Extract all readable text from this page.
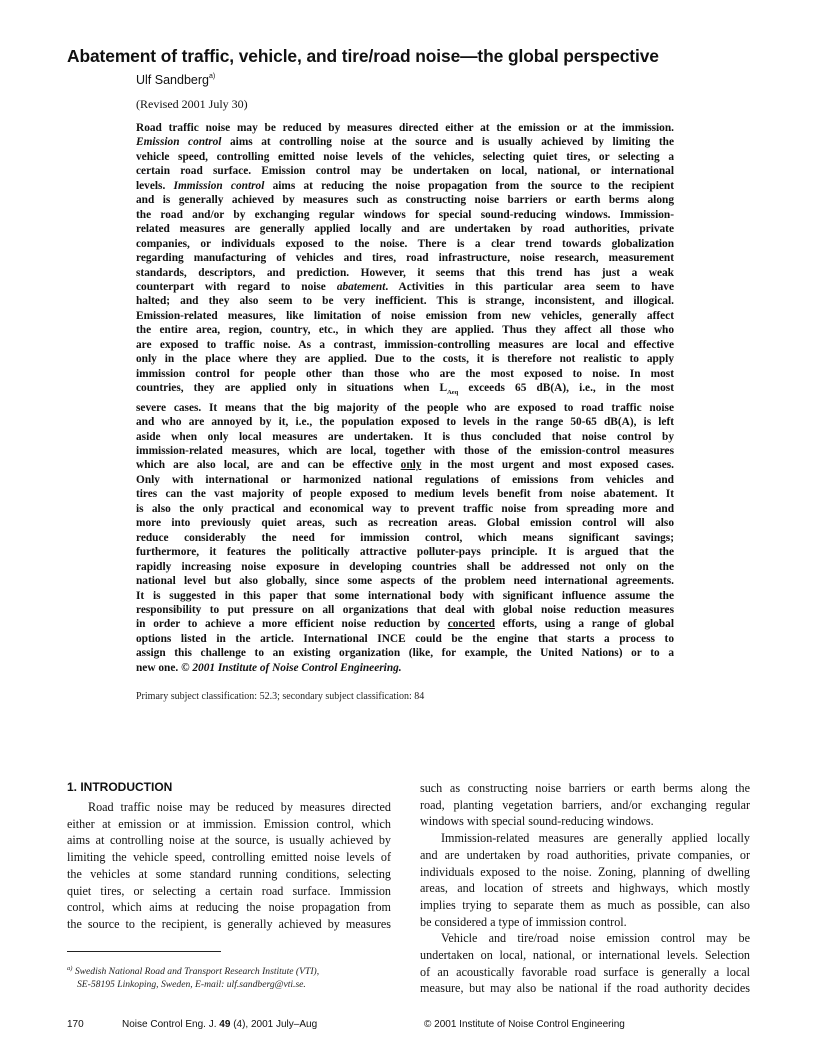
Abatement of traffic, vehicle, and tire/road noise—the global perspective
Ulf Sandberg$^{a)}$
(Revised 2001 July 30)
Road traffic noise may be reduced by measures directed either at the emission or at the immission.
Emission control aims at controlling noise at the source and is usually achieved by limiting the
vehicle speed, controlling emitted noise levels of the vehicles, selecting quiet tires, or selecting a
certain road surface. Emission control may be undertaken on local, national, or international
levels. Immission control aims at reducing the noise propagation from the source to the recipient
and is generally achieved by measures such as constructing noise barriers or earth berms along
the road and/or by exchanging regular windows for special sound-reducing windows. Immission-
related measures are generally applied locally and are undertaken by road authorities, private
companies, or individuals exposed to the noise. There is a clear trend towards globalization
regarding manufacturing of vehicles and tires, road infrastructure, noise research, measurement
standards, descriptors, and prediction. However, it seems that this trend has just a weak
counterpart with regard to noise abatement. Activities in this particular area seem to have
halted; and they also seem to be very inefficient. This is strange, inconsistent, and illogical.
Emission-related measures, like limitation of noise emission from new vehicles, generally affect
the entire area, region, country, etc., in which they are applied. Thus they affect all those who
are exposed to traffic noise. As a contrast, immission-controlling measures are local and effective
only in the place where they are applied. Due to the costs, it is therefore not realistic to apply
immission control for people other than those who are the most exposed to noise. In most
countries, they are applied only in situations when $L_{Aeq}$ exceeds 65 dB(A), i.e., in the most
severe cases. It means that the big majority of the people who are exposed to road traffic noise
and who are annoyed by it, i.e., the population exposed to levels in the range 50-65 dB(A), is left
aside when only local measures are undertaken. It is thus concluded that noise control by
immission-related measures, which are local, together with those of the emission-control measures
which are also local, are and can be effective only in the most urgent and most exposed cases.
Only with international or harmonized national regulations of emissions from vehicles and
tires can the vast majority of people exposed to medium levels benefit from noise abatement. It
is also the only practical and economical way to prevent traffic noise from spreading more and
more into previously quiet areas, such as recreation areas. Global emission control will also
reduce considerably the need for immission control, which means significant savings;
furthermore, it features the politically attractive polluter-pays principle. It is argued that the
rapidly increasing noise exposure in developing countries shall be addressed not only on the
national level but also globally, since some aspects of the problem need international agreements.
It is suggested in this paper that some international body with significant influence assume the
responsibility to put pressure on all organizations that deal with global noise reduction measures
in order to achieve a more efficient noise reduction by concerted efforts, using a range of global
options listed in the article. International INCE could be the engine that starts a process to
assign this challenge to an existing organization (like, for example, the United Nations) or to a
new one. © 2001 Institute of Noise Control Engineering.
Primary subject classification: 52.3; secondary subject classification: 84
1. INTRODUCTION
Road traffic noise may be reduced by measures directed
either at emission or at immission. Emission control, which
aims at controlling noise at the source, is usually achieved by
limiting the vehicle speed, controlling emitted noise levels of
the vehicles at some standard running conditions, selecting
quiet tires, or selecting a certain road surface. Immission
control, which aims at reducing the noise propagation from
the source to the recipient, is generally achieved by measures
such as constructing noise barriers or earth berms along the
road, planting vegetation barriers, and/or exchanging regular
windows with special sound-reducing windows.
Immission-related measures are generally applied locally
and are undertaken by road authorities, private companies, or
individuals exposed to the noise. Zoning, planning of dwelling
areas, and location of streets and highways, which mostly
implies trying to separate them as much as possible, can also
be considered a type of immission control.
Vehicle and tire/road noise emission control may be
undertaken on local, national, or international levels. Selection
of an acoustically favorable road surface is generally a local
measure, but may also be national if the road authority decides
$^{a)}$ Swedish National Road and Transport Research Institute (VTI),
SE-58195 Linkoping, Sweden, E-mail: ulf.sandberg@vti.se.
170	Noise Control Eng. J. 49 (4), 2001 July–Aug	© 2001 Institute of Noise Control Engineering
